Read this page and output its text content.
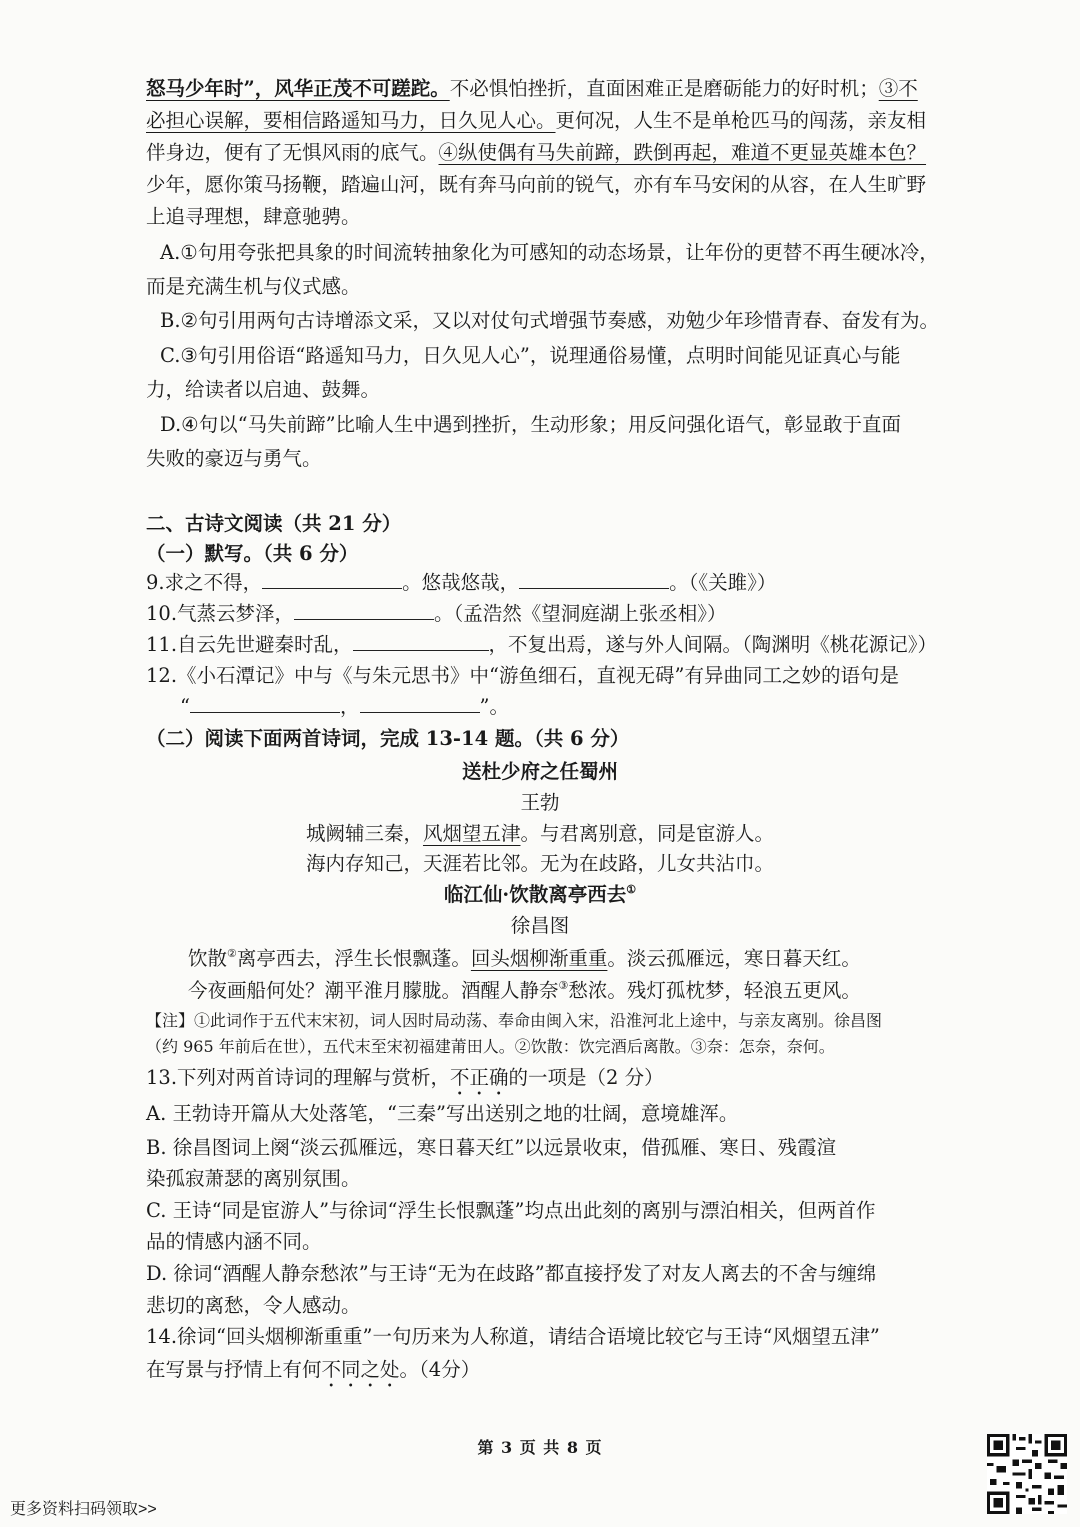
怒马少年时”，风华正茂不可蹉跎。不必惧怕挫折，直面困难正是磨砺能力的好时机；③不
必担心误解，要相信路遥知马力，日久见人心。更何况，人生不是单枪匹马的闯荡，亲友相
伴身边，便有了无惧风雨的底气。④纵使偶有马失前蹄，跌倒再起，难道不更显英雄本色？
少年，愿你策马扬鞭，踏遍山河，既有奔马向前的锐气，亦有车马安闲的从容，在人生旷野
上追寻理想，肆意驰骋。
A.①句用夸张把具象的时间流转抽象化为可感知的动态场景，让年份的更替不再生硬冰冷，
而是充满生机与仪式感。
B.②句引用两句古诗增添文采，又以对仗句式增强节奏感，劝勉少年珍惜青春、奋发有为。
C.③句引用俗语“路遥知马力，日久见人心”，说理通俗易懂，点明时间能见证真心与能
力，给读者以启迪、鼓舞。
D.④句以“马失前蹄”比喻人生中遇到挫折，生动形象；用反问强化语气，彰显敢于直面
失败的豪迈与勇气。
二、古诗文阅读（共 21 分）
（一）默写。（共 6 分）
9.求之不得，	。悠哉悠哉，	。（《关雎》）
10.气蒸云梦泽，	。（孟浩然《望洞庭湖上张丞相》）
11.自云先世避秦时乱，	，不复出焉，遂与外人间隔。（陶渊明《桃花源记》）
12.《小石潭记》中与《与朱元思书》中“游鱼细石，直视无碍”有异曲同工之妙的语句是
“	，	”。
（二）阅读下面两首诗词，完成 13-14 题。（共 6 分）
送杜少府之任蜀州
王勃
城阙辅三秦，风烟望五津。与君离别意，同是宦游人。
海内存知己，天涯若比邻。无为在歧路，儿女共沾巾。
临江仙·饮散离亭西去①
徐昌图
饮散②离亭西去，浮生长恨飘蓬。回头烟柳渐重重。淡云孤雁远，寒日暮天红。
今夜画船何处？潮平淮月朦胧。酒醒人静奈③愁浓。残灯孤枕梦，轻浪五更风。
【注】①此词作于五代末宋初，词人因时局动荡、奉命由闽入宋，沿淮河北上途中，与亲友离别。徐昌图
（约 965 年前后在世），五代末至宋初福建莆田人。②饮散：饮完酒后离散。③奈：怎奈，奈何。
13.下列对两首诗词的理解与赏析，不正确的一项是（2 分）
A. 王勃诗开篇从大处落笔，“三秦”写出送别之地的壮阔，意境雄浑。
B. 徐昌图词上阕“淡云孤雁远，寒日暮天红”以远景收束，借孤雁、寒日、残霞渲
染孤寂萧瑟的离别氛围。
C. 王诗“同是宦游人”与徐词“浮生长恨飘蓬”均点出此刻的离别与漂泊相关，但两首作
品的情感内涵不同。
D. 徐词“酒醒人静奈愁浓”与王诗“无为在歧路”都直接抒发了对友人离去的不舍与缠绵
悲切的离愁，令人感动。
14.徐词“回头烟柳渐重重”一句历来为人称道，请结合语境比较它与王诗“风烟望五津”
在写景与抒情上有何不同之处。（4分）
第 3 页 共 8 页
更多资料扫码领取>>
